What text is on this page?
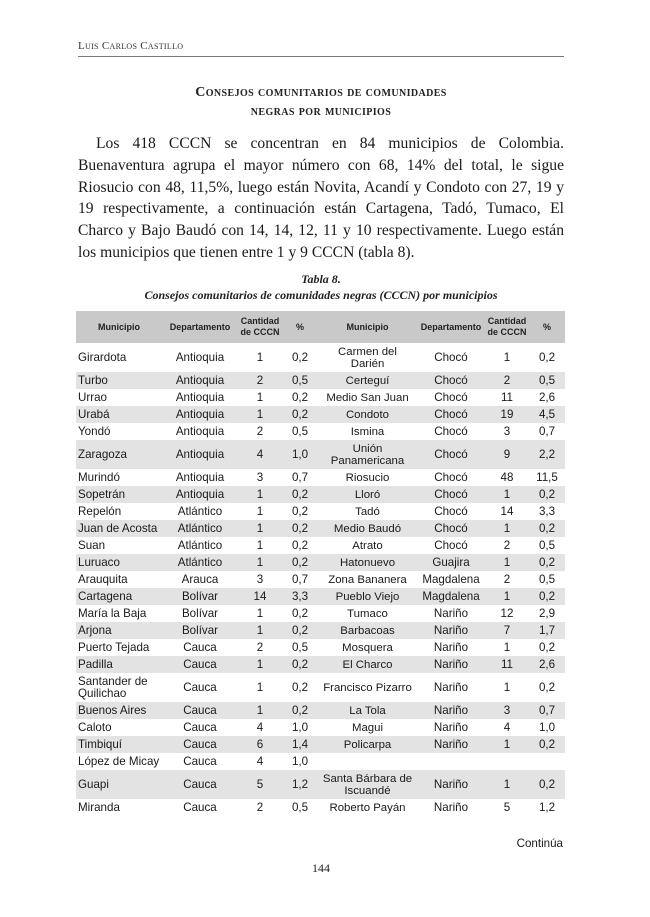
Luis Carlos Castillo
Consejos comunitarios de comunidades
negras por municipios

Los 418 CCCN se concentran en 84 municipios de Colombia. Buenaventura agrupa el mayor número con 68, 14% del total, le sigue Riosucio con 48, 11,5%, luego están Novita, Acandí y Condoto con 27, 19 y 19 respectivamente, a continuación están Cartagena, Tadó, Tumaco, El Charco y Bajo Baudó con 14, 14, 12, 11 y 10 respectivamente. Luego están los municipios que tienen entre 1 y 9 CCCN (tabla 8).

Tabla 8.
Consejos comunitarios de comunidades negras (CCCN) por municipios
Municipio	Departamento	Cantidad de CCCN	%	Municipio	Departamento	Cantidad de CCCN	%
Girardota	Antioquia	1	0,2	Carmen del Darién	Chocó	1	0,2
Turbo	Antioquia	2	0,5	Certeguí	Chocó	2	0,5
Urrao	Antioquia	1	0,2	Medio San Juan	Chocó	11	2,6
Urabá	Antioquia	1	0,2	Condoto	Chocó	19	4,5
Yondó	Antioquia	2	0,5	Ismina	Chocó	3	0,7
Zaragoza	Antioquia	4	1,0	Unión Panamericana	Chocó	9	2,2
Murindó	Antioquia	3	0,7	Riosucio	Chocó	48	11,5
Sopetrán	Antioquia	1	0,2	Lloró	Chocó	1	0,2
Repelón	Atlántico	1	0,2	Tadó	Chocó	14	3,3
Juan de Acosta	Atlántico	1	0,2	Medio Baudó	Chocó	1	0,2
Suan	Atlántico	1	0,2	Atrato	Chocó	2	0,5
Luruaco	Atlántico	1	0,2	Hatonuevo	Guajira	1	0,2
Arauquita	Arauca	3	0,7	Zona Bananera	Magdalena	2	0,5
Cartagena	Bolívar	14	3,3	Pueblo Viejo	Magdalena	1	0,2
María la Baja	Bolívar	1	0,2	Tumaco	Nariño	12	2,9
Arjona	Bolívar	1	0,2	Barbacoas	Nariño	7	1,7
Puerto Tejada	Cauca	2	0,5	Mosquera	Nariño	1	0,2
Padilla	Cauca	1	0,2	El Charco	Nariño	11	2,6
Santander de Quilichao	Cauca	1	0,2	Francisco Pizarro	Nariño	1	0,2
Buenos Aires	Cauca	1	0,2	La Tola	Nariño	3	0,7
Caloto	Cauca	4	1,0	Magui	Nariño	4	1,0
Timbiquí	Cauca	6	1,4	Policarpa	Nariño	1	0,2
López de Micay	Cauca	4	1,0				
Guapi	Cauca	5	1,2	Santa Bárbara de Iscuandé	Nariño	1	0,2
Miranda	Cauca	2	0,5	Roberto Payán	Nariño	5	1,2
Continúa
144
